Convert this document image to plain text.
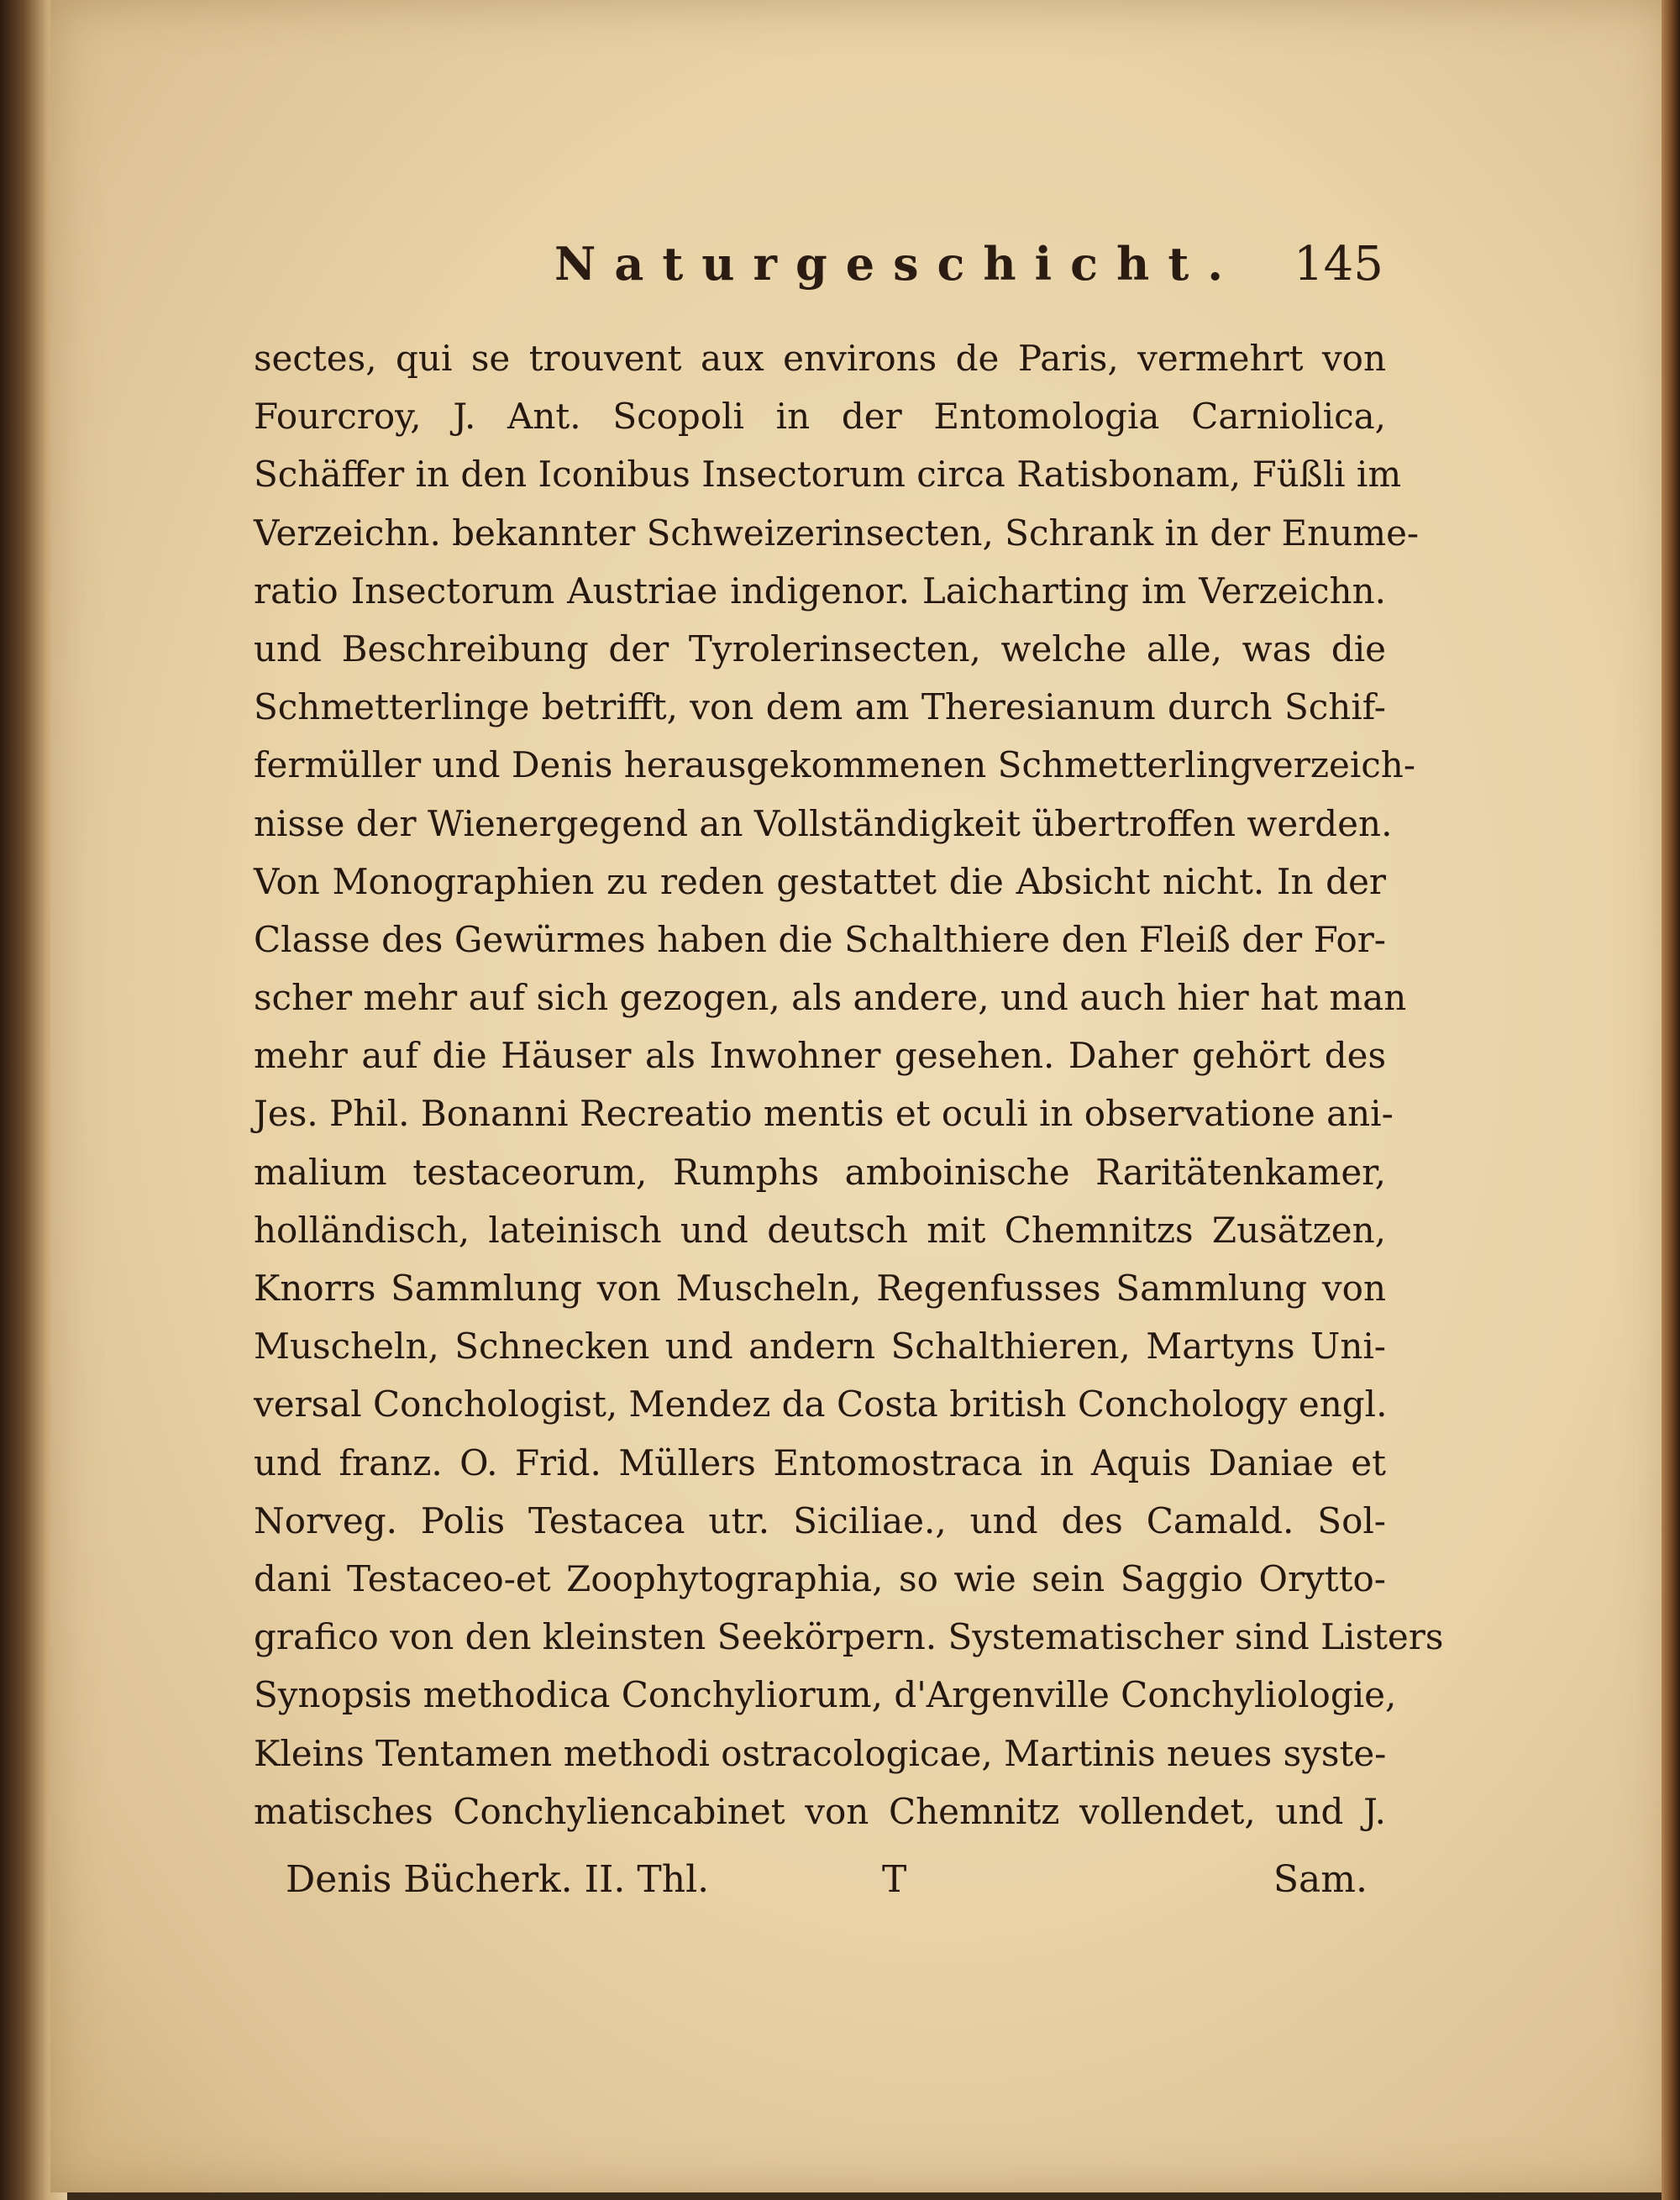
Naturgeschicht. 145
sectes, qui se trouvent aux environs de Paris, vermehrt von
Fourcroy, J. Ant. Scopoli in der Entomologia Carniolica,
Schäffer in den Iconibus Insectorum circa Ratisbonam, Füßli im
Verzeichn. bekannter Schweizerinsecten, Schrank in der Enume-
ratio Insectorum Austriae indigenor. Laicharting im Verzeichn.
und Beschreibung der Tyrolerinsecten, welche alle, was die
Schmetterlinge betrifft, von dem am Theresianum durch Schif-
fermüller und Denis herausgekommenen Schmetterlingverzeich-
nisse der Wienergegend an Vollständigkeit übertroffen werden.
Von Monographien zu reden gestattet die Absicht nicht. In der
Classe des Gewürmes haben die Schalthiere den Fleiß der For-
scher mehr auf sich gezogen, als andere, und auch hier hat man
mehr auf die Häuser als Inwohner gesehen. Daher gehört des
Jes. Phil. Bonanni Recreatio mentis et oculi in observatione ani-
malium testaceorum, Rumphs amboinische Raritätenkamer,
holländisch, lateinisch und deutsch mit Chemnitzs Zusätzen,
Knorrs Sammlung von Muscheln, Regenfusses Sammlung von
Muscheln, Schnecken und andern Schalthieren, Martyns Uni-
versal Conchologist, Mendez da Costa british Conchology engl.
und franz. O. Frid. Müllers Entomostraca in Aquis Daniae et
Norveg. Polis Testacea utr. Siciliae., und des Camald. Sol-
dani Testaceo-et Zoophytographia, so wie sein Saggio Orytto-
grafico von den kleinsten Seekörpern. Systematischer sind Listers
Synopsis methodica Conchyliorum, d'Argenville Conchyliologie,
Kleins Tentamen methodi ostracologicae, Martinis neues syste-
matisches Conchyliencabinet von Chemnitz vollendet, und J.
Denis Bücherk. II. Thl.	T	Sam.
